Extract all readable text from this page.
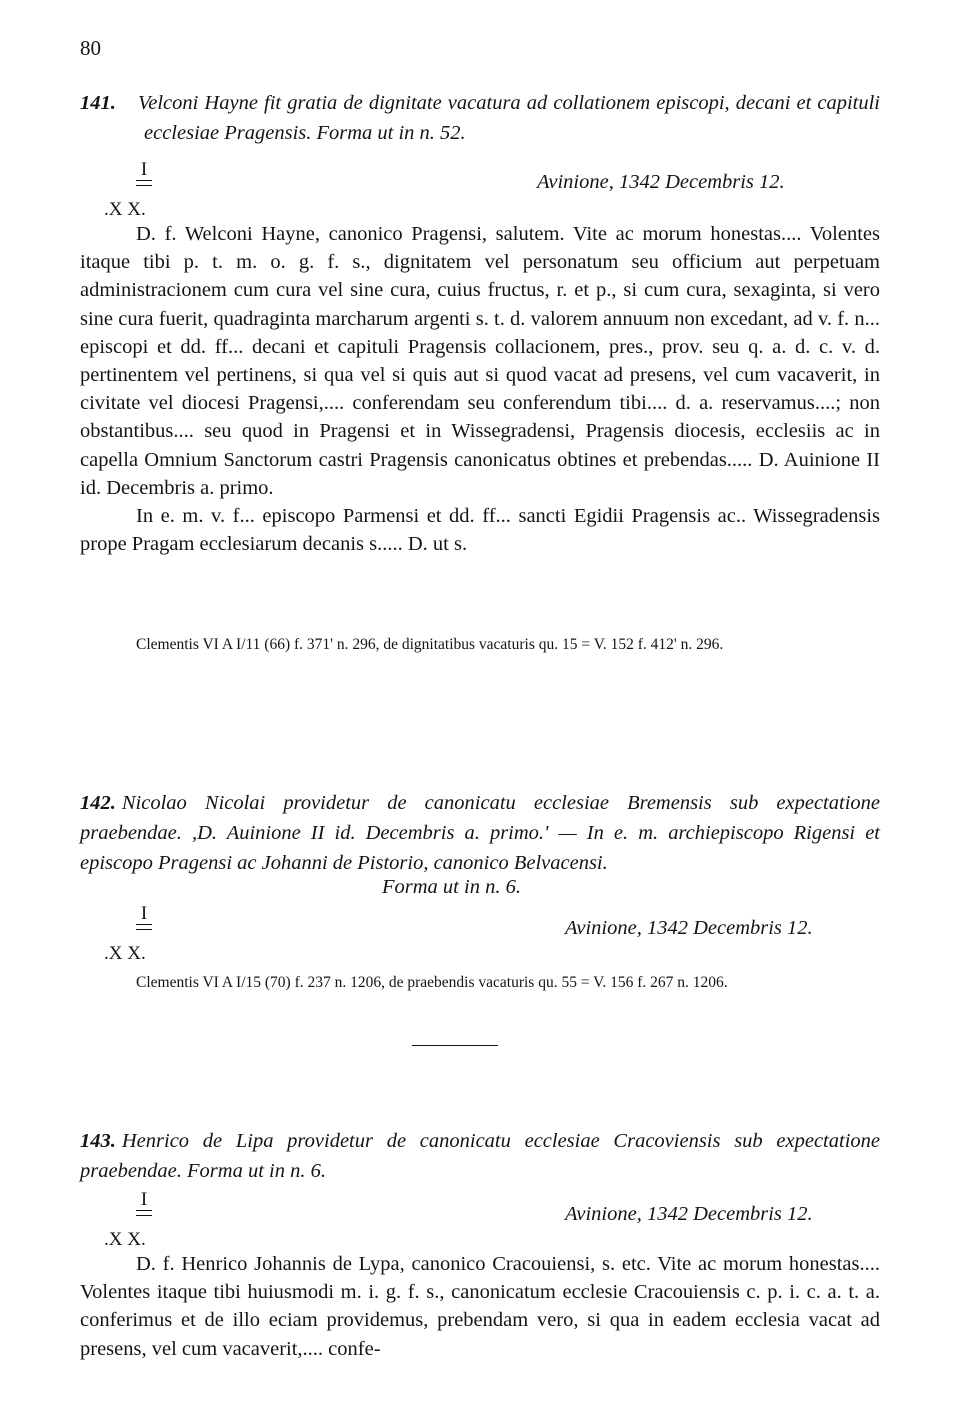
80
141. Velconi Hayne fit gratia de dignitate vacatura ad collationem episcopi, decani et capituli ecclesiae Pragensis. Forma ut in n. 52.
I
.X X.
Avinione, 1342 Decembris 12.

D. f. Welconi Hayne, canonico Pragensi, salutem. Vite ac morum honestas.... Volentes itaque tibi p. t. m. o. g. f. s., dignitatem vel personatum seu officium aut perpetuam administracionem cum cura vel sine cura, cuius fructus, r. et p., si cum cura, sexaginta, si vero sine cura fuerit, quadraginta marcharum argenti s. t. d. valorem annuum non excedant, ad v. f. n... episcopi et dd. ff... decani et capituli Pragensis collacionem, pres., prov. seu q. a. d. c. v. d. pertinentem vel pertinens, si qua vel si quis aut si quod vacat ad presens, vel cum vacaverit, in civitate vel diocesi Pragensi,.... conferendam seu conferendum tibi.... d. a. reservamus....; non obstantibus.... seu quod in Pragensi et in Wissegradensi, Pragensis diocesis, ecclesiis ac in capella Omnium Sanctorum castri Pragensis canonicatus obtines et prebendas..... D. Auinione II id. Decembris a. primo.

In e. m. v. f... episcopo Parmensi et dd. ff... sancti Egidii Pragensis ac.. Wissegradensis prope Pragam ecclesiarum decanis s..... D. ut s.

Clementis VI A I/11 (66) f. 371' n. 296, de dignitatibus vacaturis qu. 15 = V. 152 f. 412' n. 296.

142. Nicolao Nicolai providetur de canonicatu ecclesiae Bremensis sub expectatione praebendae. ,D. Auinione II id. Decembris a. primo.' — In e. m. archiepiscopo Rigensi et episcopo Pragensi ac Johanni de Pistorio, canonico Belvacensi.
Forma ut in n. 6.
I
.X X.
Avinione, 1342 Decembris 12.

Clementis VI A I/15 (70) f. 237 n. 1206, de praebendis vacaturis qu. 55 = V. 156 f. 267 n. 1206.

143. Henrico de Lipa providetur de canonicatu ecclesiae Cracoviensis sub expectatione praebendae. Forma ut in n. 6.
I
.X X.
Avinione, 1342 Decembris 12.

D. f. Henrico Johannis de Lypa, canonico Cracouiensi, s. etc. Vite ac morum honestas.... Volentes itaque tibi huiusmodi m. i. g. f. s., canonicatum ecclesie Cracouiensis c. p. i. c. a. t. a. conferimus et de illo eciam providemus, prebendam vero, si qua in eadem ecclesia vacat ad presens, vel cum vacaverit,.... confe-
